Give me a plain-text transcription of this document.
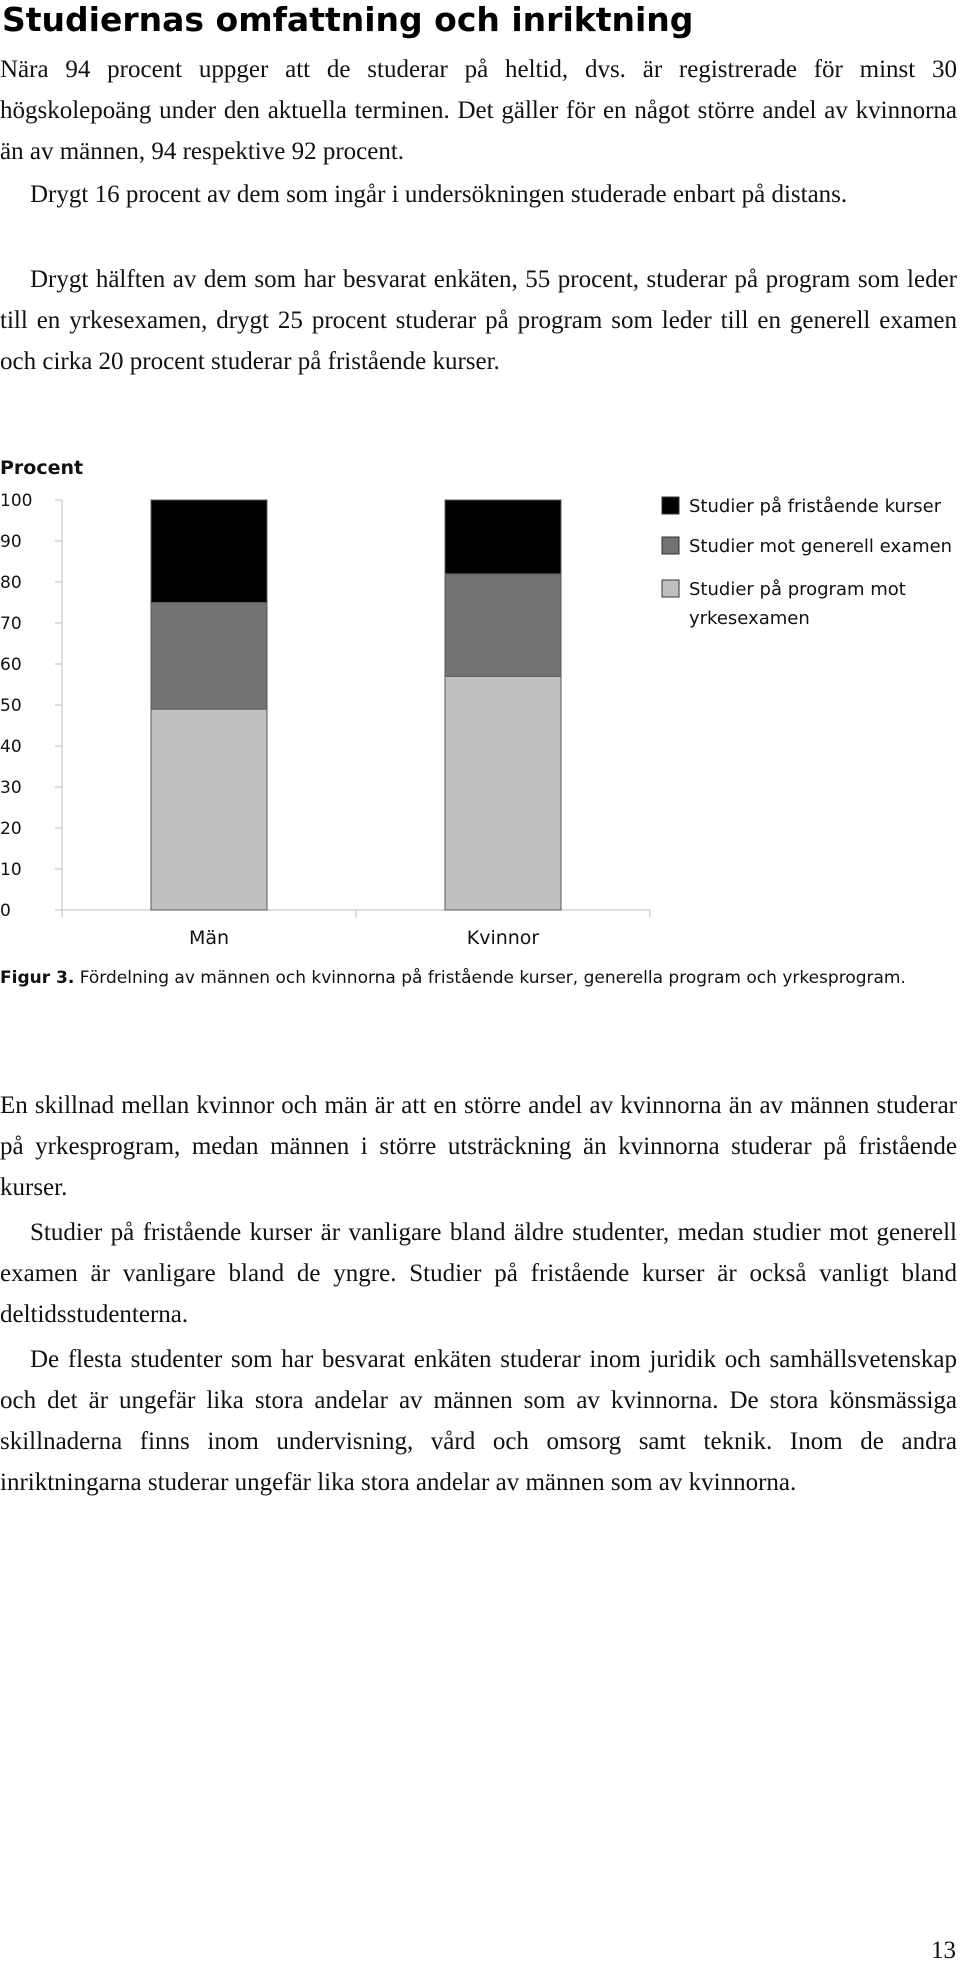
Studiernas omfattning och inriktning

Nära 94 procent uppger att de studerar på heltid, dvs. är registrerade för minst 30 högskolepoäng under den aktuella terminen. Det gäller för en något större andel av kvinnorna än av männen, 94 respektive 92 procent.

Drygt 16 procent av dem som ingår i undersökningen studerade enbart på distans.

Drygt hälften av dem som har besvarat enkäten, 55 procent, studerar på program som leder till en yrkesexamen, drygt 25 procent studerar på program som leder till en generell examen och cirka 20 procent studerar på fristående kurser.

Procent
0
10
20
30
40
50
60
70
80
90
100
Män	Kvinnor
Studier på fristående kurser
Studier mot generell examen
Studier på program mot yrkesexamen

Figur 3. Fördelning av männen och kvinnorna på fristående kurser, generella program och yrkesprogram.

En skillnad mellan kvinnor och män är att en större andel av kvinnorna än av männen studerar på yrkesprogram, medan männen i större utsträckning än kvinnorna studerar på fristående kurser.

Studier på fristående kurser är vanligare bland äldre studenter, medan studier mot generell examen är vanligare bland de yngre. Studier på fristående kurser är också vanligt bland deltidsstudenterna.

De flesta studenter som har besvarat enkäten studerar inom juridik och samhällsvetenskap och det är ungefär lika stora andelar av männen som av kvinnorna. De stora könsmässiga skillnaderna finns inom undervisning, vård och omsorg samt teknik. Inom de andra inriktningarna studerar ungefär lika stora andelar av männen som av kvinnorna.

13
